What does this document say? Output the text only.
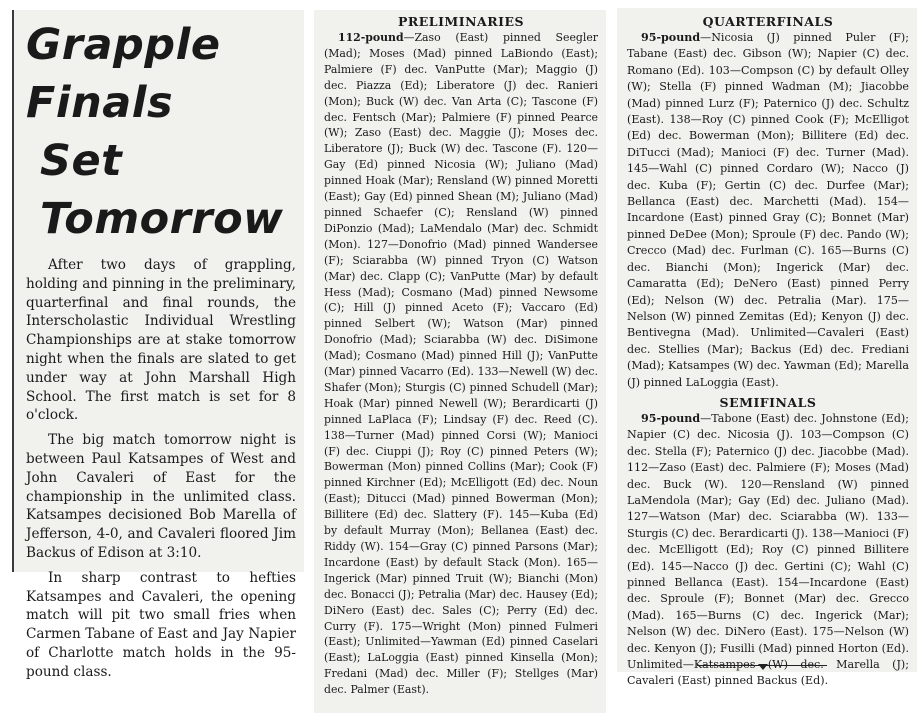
Grapple Finals
Set Tomorrow

After two days of grappling, holding and pinning in the preliminary, quarterfinal and final rounds, the Interscholastic Individual Wrestling Championships are at stake tomorrow night when the finals are slated to get under way at John Marshall High School. The first match is set for 8 o'clock.

The big match tomorrow night is between Paul Katsampes of West and John Cavaleri of East for the championship in the unlimited class. Katsampes decisioned Bob Marella of Jefferson, 4-0, and Cavaleri floored Jim Backus of Edison at 3:10.

In sharp contrast to hefties Katsampes and Cavaleri, the opening match will pit two small fries when Carmen Tabane of East and Jay Napier of Charlotte match holds in the 95-pound class.

PRELIMINARIES

112-pound—Zaso (East) pinned Seegler (Mad); Moses (Mad) pinned LaBiondo (East); Palmiere (F) dec. VanPutte (Mar); Maggio (J) dec. Piazza (Ed); Liberatore (J) dec. Ranieri (Mon); Buck (W) dec. Van Arta (C); Tascone (F) dec. Fentsch (Mar); Palmiere (F) pinned Pearce (W); Zaso (East) dec. Maggie (J); Moses dec. Liberatore (J); Buck (W) dec. Tascone (F). 120—Gay (Ed) pinned Nicosia (W); Juliano (Mad) pinned Hoak (Mar); Rensland (W) pinned Moretti (East); Gay (Ed) pinned Shean (M); Juliano (Mad) pinned Schaefer (C); Rensland (W) pinned DiPonzio (Mad); LaMendalo (Mar) dec. Schmidt (Mon). 127—Donofrio (Mad) pinned Wandersee (F); Sciarabba (W) pinned Tryon (C) Watson (Mar) dec. Clapp (C); VanPutte (Mar) by default Hess (Mad); Cosmano (Mad) pinned Newsome (C); Hill (J) pinned Aceto (F); Vaccaro (Ed) pinned Selbert (W); Watson (Mar) pinned Donofrio (Mad); Sciarabba (W) dec. DiSimone (Mad); Cosmano (Mad) pinned Hill (J); VanPutte (Mar) pinned Vacarro (Ed). 133—Newell (W) dec. Shafer (Mon); Sturgis (C) pinned Schudell (Mar); Hoak (Mar) pinned Newell (W); Berardicarti (J) pinned LaPlaca (F); Lindsay (F) dec. Reed (C). 138—Turner (Mad) pinned Corsi (W); Manioci (F) dec. Ciuppi (J); Roy (C) pinned Peters (W); Bowerman (Mon) pinned Collins (Mar); Cook (F) pinned Kirchner (Ed); McElligott (Ed) dec. Noun (East); Ditucci (Mad) pinned Bowerman (Mon); Billitere (Ed) dec. Slattery (F). 145—Kuba (Ed) by default Murray (Mon); Bellanea (East) dec. Riddy (W). 154—Gray (C) pinned Parsons (Mar); Incardone (East) by default Stack (Mon). 165—Ingerick (Mar) pinned Truit (W); Bianchi (Mon) dec. Bonacci (J); Petralia (Mar) dec. Hausey (Ed); DiNero (East) dec. Sales (C); Perry (Ed) dec. Curry (F). 175—Wright (Mon) pinned Fulmeri (East); Unlimited—Yawman (Ed) pinned Caselari (East); LaLoggia (East) pinned Kinsella (Mon); Fredani (Mad) dec. Miller (F); Stellges (Mar) dec. Palmer (East).

QUARTERFINALS

95-pound—Nicosia (J) pinned Puler (F); Tabane (East) dec. Gibson (W); Napier (C) dec. Romano (Ed). 103—Compson (C) by default Olley (W); Stella (F) pinned Wadman (M); Jiacobbe (Mad) pinned Lurz (F); Paternico (J) dec. Schultz (East). 138—Roy (C) pinned Cook (F); McElligot (Ed) dec. Bowerman (Mon); Billitere (Ed) dec. DiTucci (Mad); Manioci (F) dec. Turner (Mad). 145—Wahl (C) pinned Cordaro (W); Nacco (J) dec. Kuba (F); Gertin (C) dec. Durfee (Mar); Bellanca (East) dec. Marchetti (Mad). 154—Incardone (East) pinned Gray (C); Bonnet (Mar) pinned DeDee (Mon); Sproule (F) dec. Pando (W); Crecco (Mad) dec. Furlman (C). 165—Burns (C) dec. Bianchi (Mon); Ingerick (Mar) dec. Camaratta (Ed); DeNero (East) pinned Perry (Ed); Nelson (W) dec. Petralia (Mar). 175—Nelson (W) pinned Zemitas (Ed); Kenyon (J) dec. Bentivegna (Mad). Unlimited—Cavaleri (East) dec. Stellies (Mar); Backus (Ed) dec. Frediani (Mad); Katsampes (W) dec. Yawman (Ed); Marella (J) pinned LaLoggia (East).

SEMIFINALS

95-pound—Tabone (East) dec. Johnstone (Ed); Napier (C) dec. Nicosia (J). 103—Compson (C) dec. Stella (F); Paternico (J) dec. Jiacobbe (Mad). 112—Zaso (East) dec. Palmiere (F); Moses (Mad) dec. Buck (W). 120—Rensland (W) pinned LaMendola (Mar); Gay (Ed) dec. Juliano (Mad). 127—Watson (Mar) dec. Sciarabba (W). 133—Sturgis (C) dec. Berardicarti (J). 138—Manioci (F) dec. McElligott (Ed); Roy (C) pinned Billitere (Ed). 145—Nacco (J) dec. Gertini (C); Wahl (C) pinned Bellanca (East). 154—Incardone (East) dec. Sproule (F); Bonnet (Mar) dec. Grecco (Mad). 165—Burns (C) dec. Ingerick (Mar); Nelson (W) dec. DiNero (East). 175—Nelson (W) dec. Kenyon (J); Fusilli (Mad) pinned Horton (Ed). Unlimited—Katsampes (W) dec. Marella (J); Cavaleri (East) pinned Backus (Ed).
